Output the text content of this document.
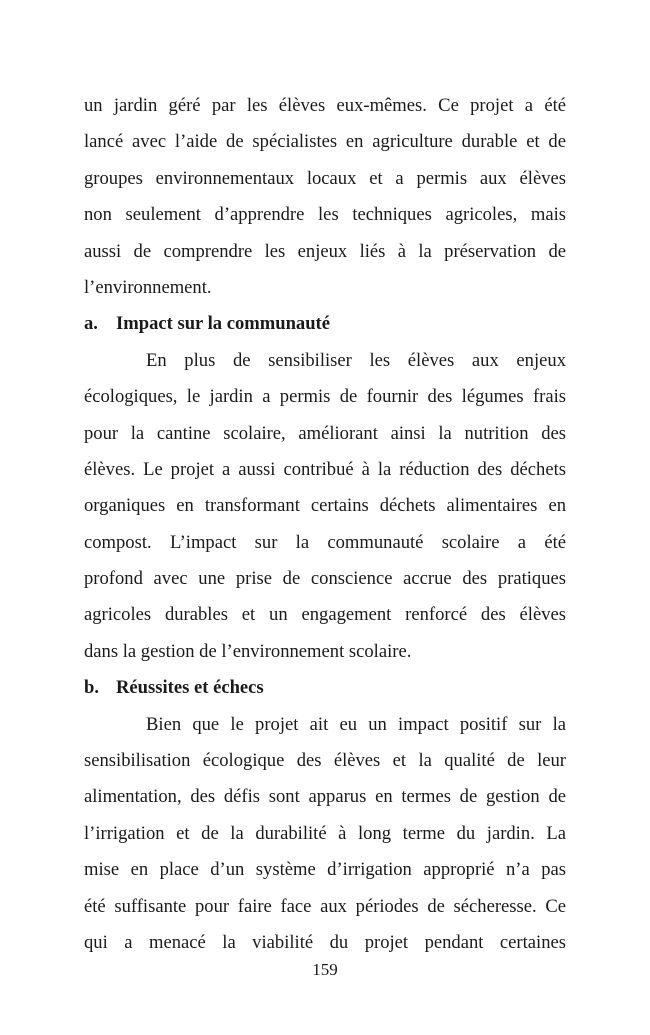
un jardin géré par les élèves eux-mêmes. Ce projet a été
lancé avec l’aide de spécialistes en agriculture durable et de
groupes environnementaux locaux et a permis aux élèves
non seulement d’apprendre les techniques agricoles, mais
aussi de comprendre les enjeux liés à la préservation de
l’environnement.
a. Impact sur la communauté
En plus de sensibiliser les élèves aux enjeux
écologiques, le jardin a permis de fournir des légumes frais
pour la cantine scolaire, améliorant ainsi la nutrition des
élèves. Le projet a aussi contribué à la réduction des déchets
organiques en transformant certains déchets alimentaires en
compost. L’impact sur la communauté scolaire a été
profond avec une prise de conscience accrue des pratiques
agricoles durables et un engagement renforcé des élèves
dans la gestion de l’environnement scolaire.
b. Réussites et échecs
Bien que le projet ait eu un impact positif sur la
sensibilisation écologique des élèves et la qualité de leur
alimentation, des défis sont apparus en termes de gestion de
l’irrigation et de la durabilité à long terme du jardin. La
mise en place d’un système d’irrigation approprié n’a pas
été suffisante pour faire face aux périodes de sécheresse. Ce
qui a menacé la viabilité du projet pendant certaines
159
